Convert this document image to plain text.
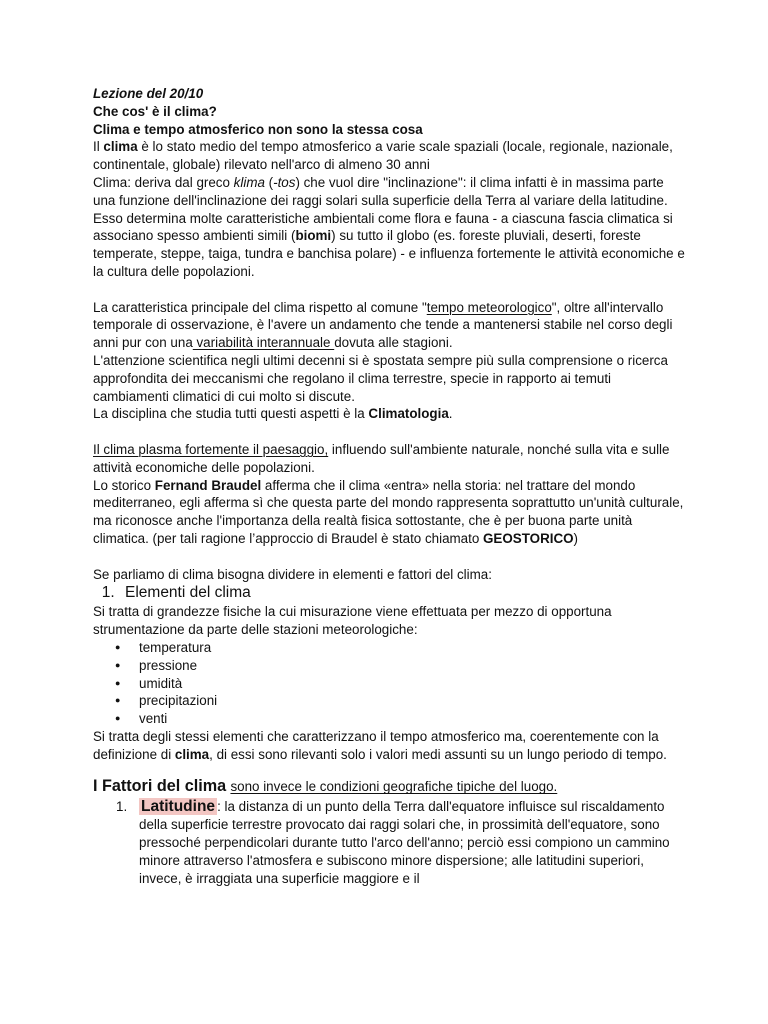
Lezione del 20/10

Che cos' è il clima?

Clima e tempo atmosferico non sono la stessa cosa

Il clima è lo stato medio del tempo atmosferico a varie scale spaziali (locale, regionale, nazionale, continentale, globale) rilevato nell'arco di almeno 30 anni

Clima: deriva dal greco klima (-tos) che vuol dire "inclinazione": il clima infatti è in massima parte una funzione dell'inclinazione dei raggi solari sulla superficie della Terra al variare della latitudine. Esso determina molte caratteristiche ambientali come flora e fauna - a ciascuna fascia climatica si associano spesso ambienti simili (biomi) su tutto il globo (es. foreste pluviali, deserti, foreste temperate, steppe, taiga, tundra e banchisa polare) - e influenza fortemente le attività economiche e la cultura delle popolazioni.

La caratteristica principale del clima rispetto al comune "tempo meteorologico", oltre all'intervallo temporale di osservazione, è l'avere un andamento che tende a mantenersi stabile nel corso degli anni pur con una variabilità interannuale dovuta alle stagioni.

L'attenzione scientifica negli ultimi decenni si è spostata sempre più sulla comprensione o ricerca approfondita dei meccanismi che regolano il clima terrestre, specie in rapporto ai temuti cambiamenti climatici di cui molto si discute.

La disciplina che studia tutti questi aspetti è la Climatologia.

Il clima plasma fortemente il paesaggio, influendo sull'ambiente naturale, nonché sulla vita e sulle attività economiche delle popolazioni.

Lo storico Fernand Braudel afferma che il clima «entra» nella storia: nel trattare del mondo mediterraneo, egli afferma sì che questa parte del mondo rappresenta soprattutto un'unità culturale, ma riconosce anche l'importanza della realtà fisica sottostante, che è per buona parte unità climatica. (per tali ragione l’approccio di Braudel è stato chiamato GEOSTORICO)

Se parliamo di clima bisogna dividere in elementi e fattori del clima:

1. Elementi del clima

Si tratta di grandezze fisiche la cui misurazione viene effettuata per mezzo di opportuna strumentazione da parte delle stazioni meteorologiche:

● temperatura
● pressione
● umidità
● precipitazioni
● venti

Si tratta degli stessi elementi che caratterizzano il tempo atmosferico ma, coerentemente con la definizione di clima, di essi sono rilevanti solo i valori medi assunti su un lungo periodo di tempo.

I Fattori del clima sono invece le condizioni geografiche tipiche del luogo.

1. Latitudine : la distanza di un punto della Terra dall'equatore influisce sul riscaldamento della superficie terrestre provocato dai raggi solari che, in prossimità dell'equatore, sono pressoché perpendicolari durante tutto l'arco dell'anno; perciò essi compiono un cammino minore attraverso l'atmosfera e subiscono minore dispersione; alle latitudini superiori, invece, è irraggiata una superficie maggiore e il
